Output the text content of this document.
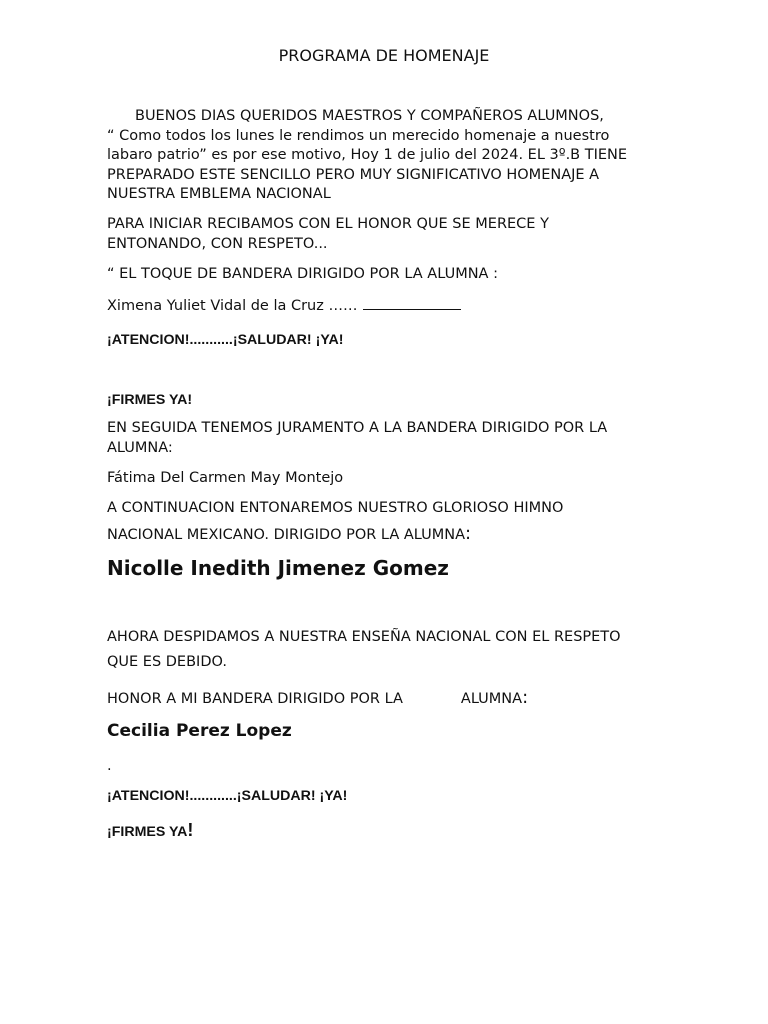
PROGRAMA DE HOMENAJE
BUENOS DIAS QUERIDOS MAESTROS Y COMPAÑEROS ALUMNOS,
“ Como todos los lunes le rendimos un merecido homenaje a nuestro
labaro patrio” es por ese motivo, Hoy 1 de julio del 2024. EL 3º.B TIENE
PREPARADO ESTE SENCILLO PERO MUY SIGNIFICATIVO HOMENAJE A
NUESTRA EMBLEMA NACIONAL
PARA INICIAR RECIBAMOS CON EL HONOR QUE SE MERECE Y
ENTONANDO, CON RESPETO...
“ EL TOQUE DE BANDERA DIRIGIDO POR LA ALUMNA :
Ximena Yuliet Vidal de la Cruz ……
¡ATENCION!...........¡SALUDAR! ¡YA!
¡FIRMES YA!
EN SEGUIDA TENEMOS JURAMENTO A LA BANDERA DIRIGIDO POR LA
ALUMNA:
Fátima Del Carmen May Montejo
A CONTINUACION ENTONAREMOS NUESTRO GLORIOSO HIMNO
NACIONAL MEXICANO. DIRIGIDO POR LA ALUMNA:
Nicolle Inedith Jimenez Gomez
AHORA DESPIDAMOS A NUESTRA ENSEÑA NACIONAL CON EL RESPETO
QUE ES DEBIDO.
HONOR A MI BANDERA DIRIGIDO POR LA	ALUMNA:
Cecilia Perez Lopez
.
¡ATENCION!............¡SALUDAR! ¡YA!
¡FIRMES YA!
